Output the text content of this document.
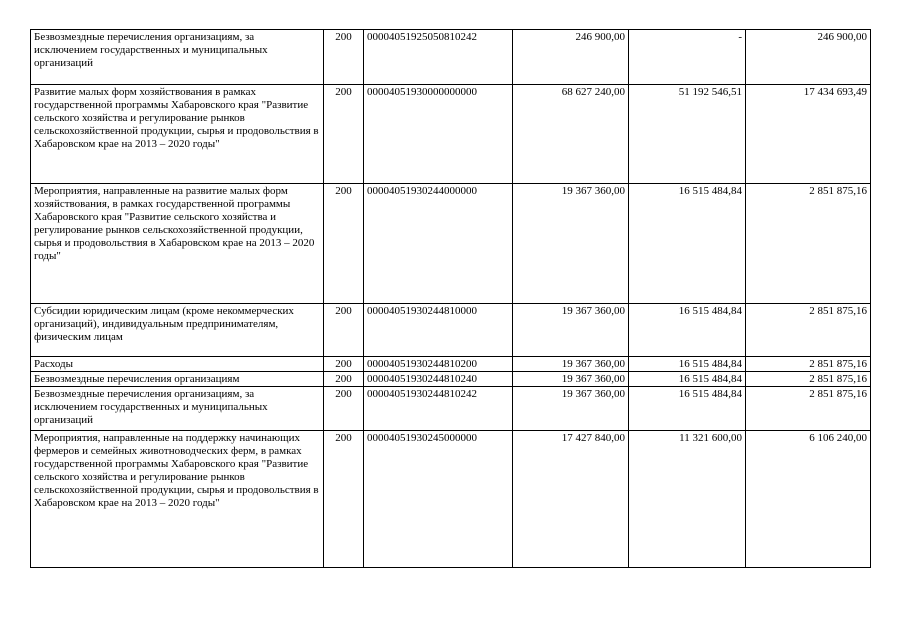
Безвозмездные перечисления организациям, за исключением государственных и муниципальных организаций	200	00004051925050810242	246 900,00	-	246 900,00
Развитие малых форм хозяйствования в рамках государственной программы Хабаровского края "Развитие сельского хозяйства и регулирование рынков сельскохозяйственной продукции, сырья и продовольствия в Хабаровском крае на 2013 – 2020 годы"	200	00004051930000000000	68 627 240,00	51 192 546,51	17 434 693,49
Мероприятия, направленные на развитие малых форм хозяйствования, в рамках государственной программы Хабаровского края "Развитие сельского хозяйства и регулирование рынков сельскохозяйственной продукции, сырья и продовольствия в Хабаровском крае на 2013 – 2020 годы"	200	00004051930244000000	19 367 360,00	16 515 484,84	2 851 875,16
Субсидии юридическим лицам (кроме некоммерческих организаций), индивидуальным предпринимателям, физическим лицам	200	00004051930244810000	19 367 360,00	16 515 484,84	2 851 875,16
Расходы	200	00004051930244810200	19 367 360,00	16 515 484,84	2 851 875,16
Безвозмездные перечисления организациям	200	00004051930244810240	19 367 360,00	16 515 484,84	2 851 875,16
Безвозмездные перечисления организациям, за исключением государственных и муниципальных организаций	200	00004051930244810242	19 367 360,00	16 515 484,84	2 851 875,16
Мероприятия, направленные на поддержку начинающих фермеров и семейных животноводческих ферм, в рамках государственной программы Хабаровского края "Развитие сельского хозяйства и регулирование рынков сельскохозяйственной продукции, сырья и продовольствия в Хабаровском крае на 2013 – 2020 годы"	200	00004051930245000000	17 427 840,00	11 321 600,00	6 106 240,00
